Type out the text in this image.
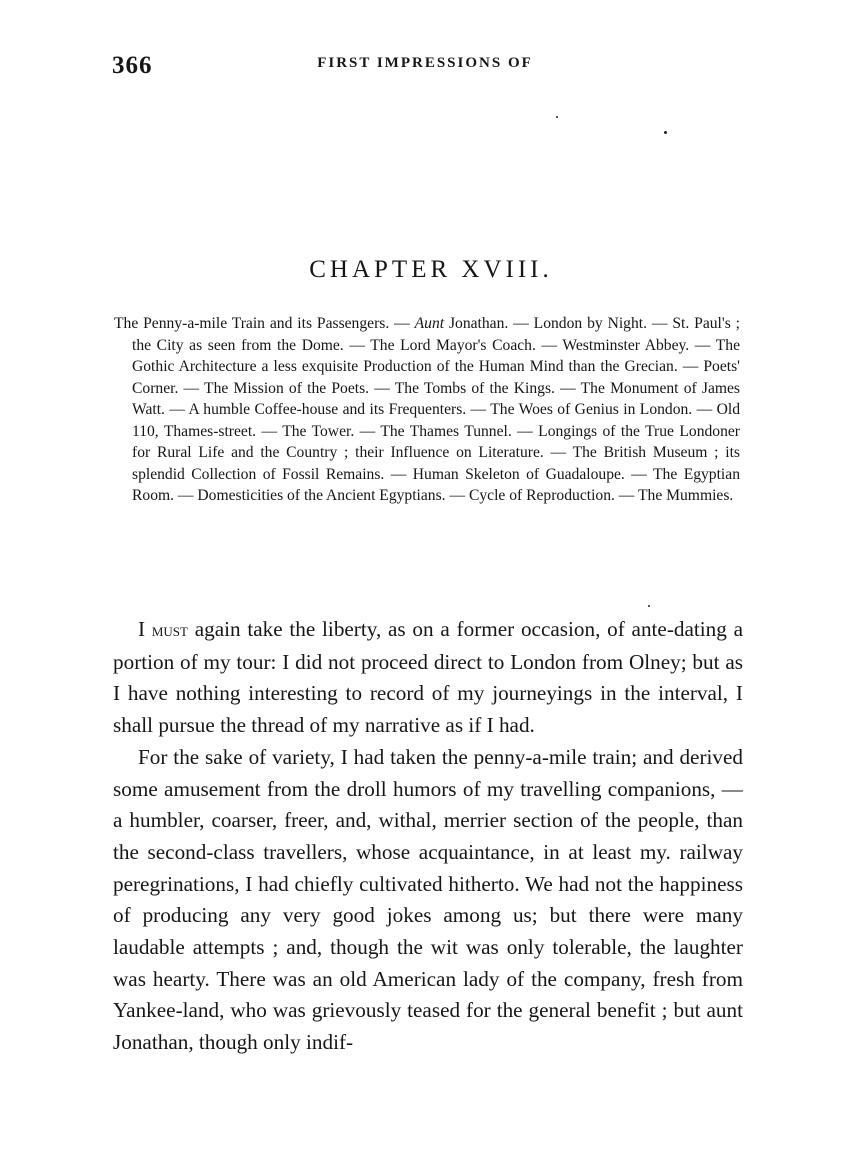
366	FIRST IMPRESSIONS OF
CHAPTER XVIII.
The Penny-a-mile Train and its Passengers. — Aunt Jonathan. — London by Night. — St. Paul's ; the City as seen from the Dome. — The Lord Mayor's Coach. — Westminster Abbey. — The Gothic Architecture a less exquisite Production of the Human Mind than the Grecian. — Poets' Corner. — The Mission of the Poets. — The Tombs of the Kings. — The Monument of James Watt. — A humble Coffee-house and its Frequenters. — The Woes of Genius in London. — Old 110, Thames-street. — The Tower. — The Thames Tunnel. — Longings of the True Londoner for Rural Life and the Country ; their Influence on Literature. — The British Museum ; its splendid Collection of Fossil Remains. — Human Skeleton of Guadaloupe. — The Egyptian Room. — Domesticities of the Ancient Egyptians. — Cycle of Reproduction. — The Mummies.

I must again take the liberty, as on a former occasion, of ante-dating a portion of my tour: I did not proceed direct to London from Olney; but as I have nothing interesting to record of my journeyings in the interval, I shall pursue the thread of my narrative as if I had.

For the sake of variety, I had taken the penny-a-mile train; and derived some amusement from the droll humors of my travelling companions, — a humbler, coarser, freer, and, withal, merrier section of the people, than the second-class travellers, whose acquaintance, in at least my. railway peregrinations, I had chiefly cultivated hitherto. We had not the happiness of producing any very good jokes among us; but there were many laudable attempts ; and, though the wit was only tolerable, the laughter was hearty. There was an old American lady of the company, fresh from Yankee-land, who was grievously teased for the general benefit ; but aunt Jonathan, though only indif-
